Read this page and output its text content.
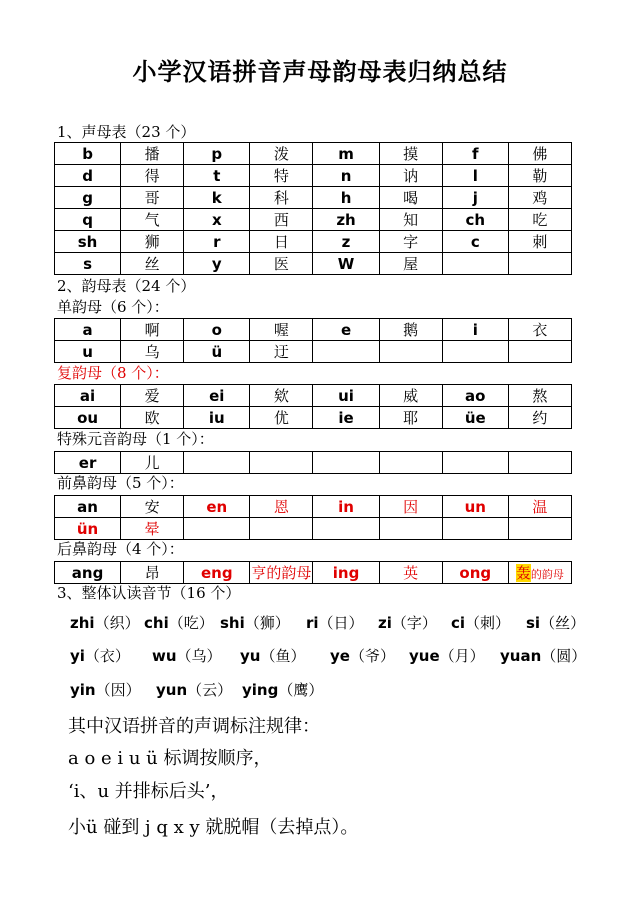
小学汉语拼音声母韵母表归纳总结
1、声母表（23 个）
b	播	p	泼	m	摸	f	佛
d	得	t	特	n	讷	l	勒
g	哥	k	科	h	喝	j	鸡
q	气	x	西	zh	知	ch	吃
sh	狮	r	日	z	字	c	刺
s	丝	y	医	W	屋		
2、韵母表（24 个）
单韵母（6 个）：
a	啊	o	喔	e	鹅	i	衣
u	乌	ü	迂				
复韵母（8 个）：
ai	爱	ei	欸	ui	威	ao	熬
ou	欧	iu	优	ie	耶	üe	约
特殊元音韵母（1 个）：
er	儿						
前鼻韵母（5 个）：
an	安	en	恩	in	因	un	温
ün	晕						
后鼻韵母（4 个）：
ang	昂	eng	亨的韵母	ing	英	ong	轰的韵母
3、整体认读音节（16 个）
zhi（织） chi（吃） shi（狮） ri（日） zi（字） ci（刺） si（丝）
yi（衣） wu（乌） yu（鱼） ye（爷） yue（月） yuan（圆）
yin（因） yun（云） ying（鹰）
其中汉语拼音的声调标注规律：
a o e i u ü 标调按顺序，
‘i、u 并排标后头’，
小ü 碰到 j q x y 就脱帽（去掉点）。
